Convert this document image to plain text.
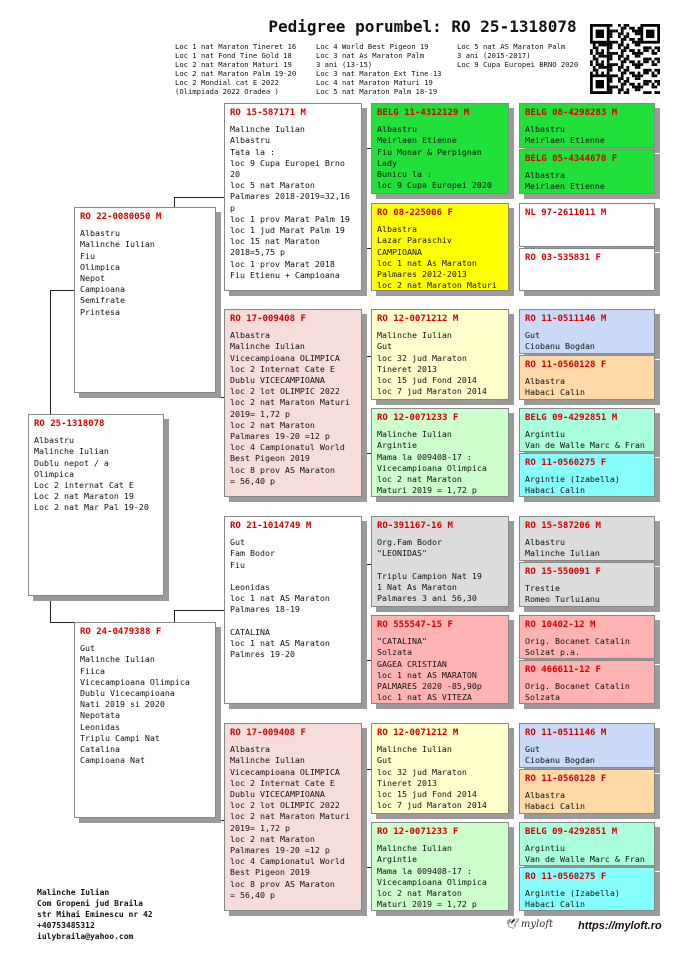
Pedigree porumbel: RO 25-1318078
Loc 1 nat Maraton Tineret 16
Loc 1 nat Fond Tine Gold 18
Loc 2 nat Maraton Maturi 19
Loc 2 nat Maraton Palm 19-20
Loc 2 Mondial cat E 2022
(Olimpiada 2022 Oradea )
Loc 4 World Best Pigeon 19
Loc 3 nat As Maraton Palm
3 ani (13-15)
Loc 3 nat Maraton Ext Tine 13
Loc 4 nat Maraton Maturi 19
Loc 5 nat Maraton Palm 18-19
Loc 5 nat AS Maraton Palm
3 ani (2015-2017)
Loc 9 Cupa Europei BRNO 2020
RO 25-1318078
Albastru
Malinche Iulian
Dublu nepot / a
Olimpica
Loc 2 internat Cat E
Loc 2 nat Maraton 19
Loc 2 nat Mar Pal 19-20
RO 22-0080050 M
Albastru
Malinche Iulian
Fiu
Olimpica
Nepot
Campioana
Semifrate
Printesa
RO 24-0479388 F
Gut
Malinche Iulian
Fiica
Vicecampioana Olimpica
Dublu Vicecampioana
Nati 2019 si 2020
Nepotata
Leonidas
Triplu Campi Nat
Catalina
Campioana Nat
RO 15-587171 M
Malinche Iulian
Albastru
Tata la :
loc 9 Cupa Europei Brno
20
loc 5 nat Maraton
Palmares 2018-2019=32,16
p
loc 1 prov Marat Palm 19
loc 1 jud Marat Palm 19
loc 15 nat Maraton
2018=5,75 p
loc 1 prov Marat 2018
Fiu Etienu + Campioana
RO 17-009408 F
Albastra
Malinche Iulian
Vicecampioana OLIMPICA
loc 2 Internat Cate E
Dublu VICECAMPIOANA
loc 2 lot OLIMPIC 2022
loc 2 nat Maraton Maturi
2019= 1,72 p
loc 2 nat Maraton
Palmares 19-20 =12 p
loc 4 Campionatul World
Best Pigeon 2019
loc 8 prov AS Maraton
= 56,40 p
RO 21-1014749 M
Gut
Fam Bodor
Fiu

Leonidas
loc 1 nat AS Maraton
Palmares 18-19

CATALINA
loc 1 nat AS Maraton
Palmres 19-20
RO 17-009408 F
Albastra
Malinche Iulian
Vicecampioana OLIMPICA
loc 2 Internat Cate E
Dublu VICECAMPIOANA
loc 2 lot OLIMPIC 2022
loc 2 nat Maraton Maturi
2019= 1,72 p
loc 2 nat Maraton
Palmares 19-20 =12 p
loc 4 Campionatul World
Best Pigeon 2019
loc 8 prov AS Maraton
= 56,40 p
BELG 11-4312129 M
Albastru
Meirlaen Etienne
Fiu Monar & Perpignan
Lady
Bunicu la :
loc 9 Cupa Europei 2020
RO 08-225006 F
Albastra
Lazar Paraschiv
CAMPIOANA
loc 1 nat As Maraton
Palmares 2012-2013
loc 2 nat Maraton Maturi
RO 12-0071212 M
Malinche Iulian
Gut
loc 32 jud Maraton
Tineret 2013
loc 15 jud Fond 2014
loc 7 jud Maraton 2014
RO 12-0071233 F
Malinche Iulian
Argintie
Mama la 009408-17 :
Vicecampioana Olimpica
loc 2 nat Maraton
Maturi 2019 = 1,72 p
RO-391167-16 M
Org.Fam Bodor
"LEONIDAS"

Triplu Campion Nat 19
1 Nat As Maraton
Palmares 3 ani 56,30
RO 555547-15 F
"CATALINA"
Solzata
GAGEA CRISTIAN
loc 1 nat AS MARATON
PALMARES 2020 -85,90p
loc 1 nat AS VITEZA
RO 12-0071212 M
Malinche Iulian
Gut
loc 32 jud Maraton
Tineret 2013
loc 15 jud Fond 2014
loc 7 jud Maraton 2014
RO 12-0071233 F
Malinche Iulian
Argintie
Mama la 009408-17 :
Vicecampioana Olimpica
loc 2 nat Maraton
Maturi 2019 = 1,72 p
BELG 08-4298283 M
Albastru
Meirlaen Etienne
BELG 05-4344670 F
Albastra
Meirlaen Etienne
NL 97-2611011 M
RO 03-535831 F
RO 11-0511146 M
Gut
Ciobanu Bogdan
RO 11-0560128 F
Albastra
Habaci Calin
BELG 09-4292851 M
Argintiu
Van de Walle Marc & Fran
RO 11-0560275 F
Argintie (Izabella)
Habaci Calin
RO 15-587206 M
Albastru
Malinche Iulian
RO 15-550091 F
Trestie
Romeo Turluianu
RO 10402-12 M
Orig. Bocanet Catalin
Solzat p.a.
RO 466611-12 F
Orig. Bocanet Catalin
Solzata
RO 11-0511146 M
Gut
Ciobanu Bogdan
RO 11-0560128 F
Albastra
Habaci Calin
BELG 09-4292851 M
Argintiu
Van de Walle Marc & Fran
RO 11-0560275 F
Argintie (Izabella)
Habaci Calin
Malinche Iulian
Com Gropeni jud Braila
str Mihai Eminescu nr 42
+40753485312
iulybraila@yahoo.com
🕊 myloft https://myloft.ro
